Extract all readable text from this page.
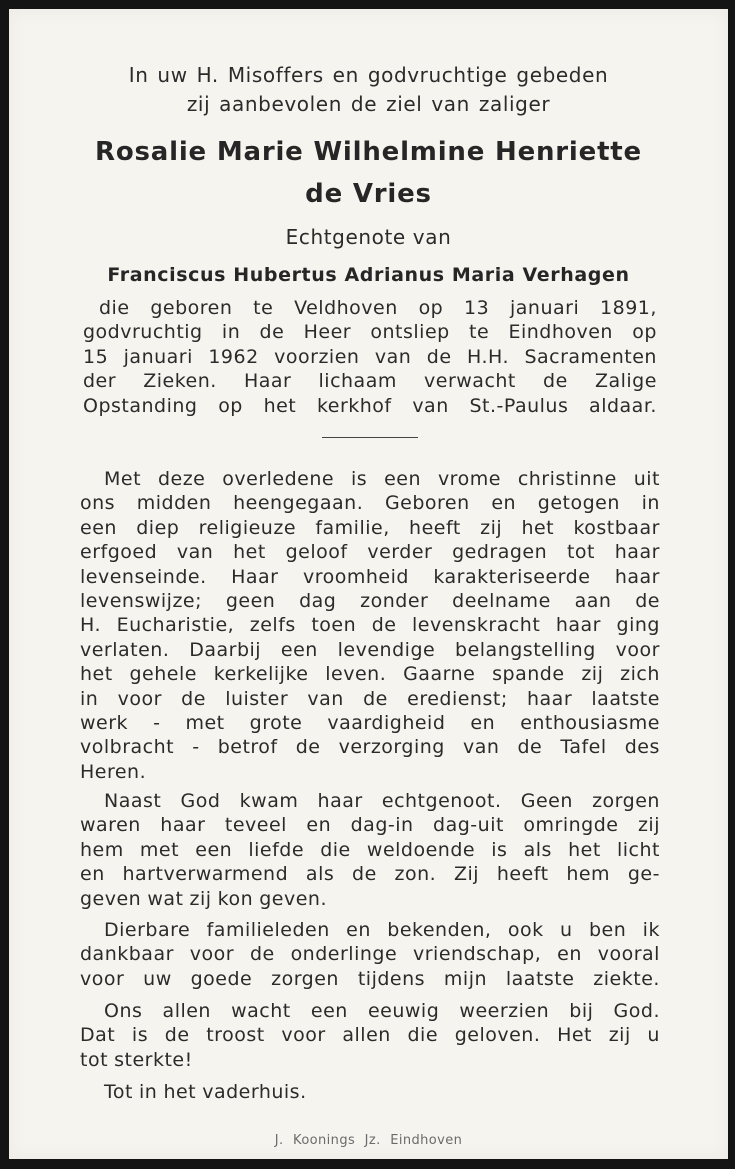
In uw H. Misoffers en godvruchtige gebeden
zij aanbevolen de ziel van zaliger
Rosalie Marie Wilhelmine Henriette
de Vries
Echtgenote van
Franciscus Hubertus Adrianus Maria Verhagen
die geboren te Veldhoven op 13 januari 1891,
godvruchtig in de Heer ontsliep te Eindhoven op
15 januari 1962 voorzien van de H.H. Sacramenten
der Zieken. Haar lichaam verwacht de Zalige
Opstanding op het kerkhof van St.-Paulus aldaar.
Met deze overledene is een vrome christinne uit
ons midden heengegaan. Geboren en getogen in
een diep religieuze familie, heeft zij het kostbaar
erfgoed van het geloof verder gedragen tot haar
levenseinde. Haar vroomheid karakteriseerde haar
levenswijze; geen dag zonder deelname aan de
H. Eucharistie, zelfs toen de levenskracht haar ging
verlaten. Daarbij een levendige belangstelling voor
het gehele kerkelijke leven. Gaarne spande zij zich
in voor de luister van de eredienst; haar laatste
werk - met grote vaardigheid en enthousiasme
volbracht - betrof de verzorging van de Tafel des
Heren.
Naast God kwam haar echtgenoot. Geen zorgen
waren haar teveel en dag-in dag-uit omringde zij
hem met een liefde die weldoende is als het licht
en hartverwarmend als de zon. Zij heeft hem ge-
geven wat zij kon geven.
Dierbare familieleden en bekenden, ook u ben ik
dankbaar voor de onderlinge vriendschap, en vooral
voor uw goede zorgen tijdens mijn laatste ziekte.
Ons allen wacht een eeuwig weerzien bij God.
Dat is de troost voor allen die geloven. Het zij u
tot sterkte!
Tot in het vaderhuis.
J. Koonings Jz. Eindhoven
